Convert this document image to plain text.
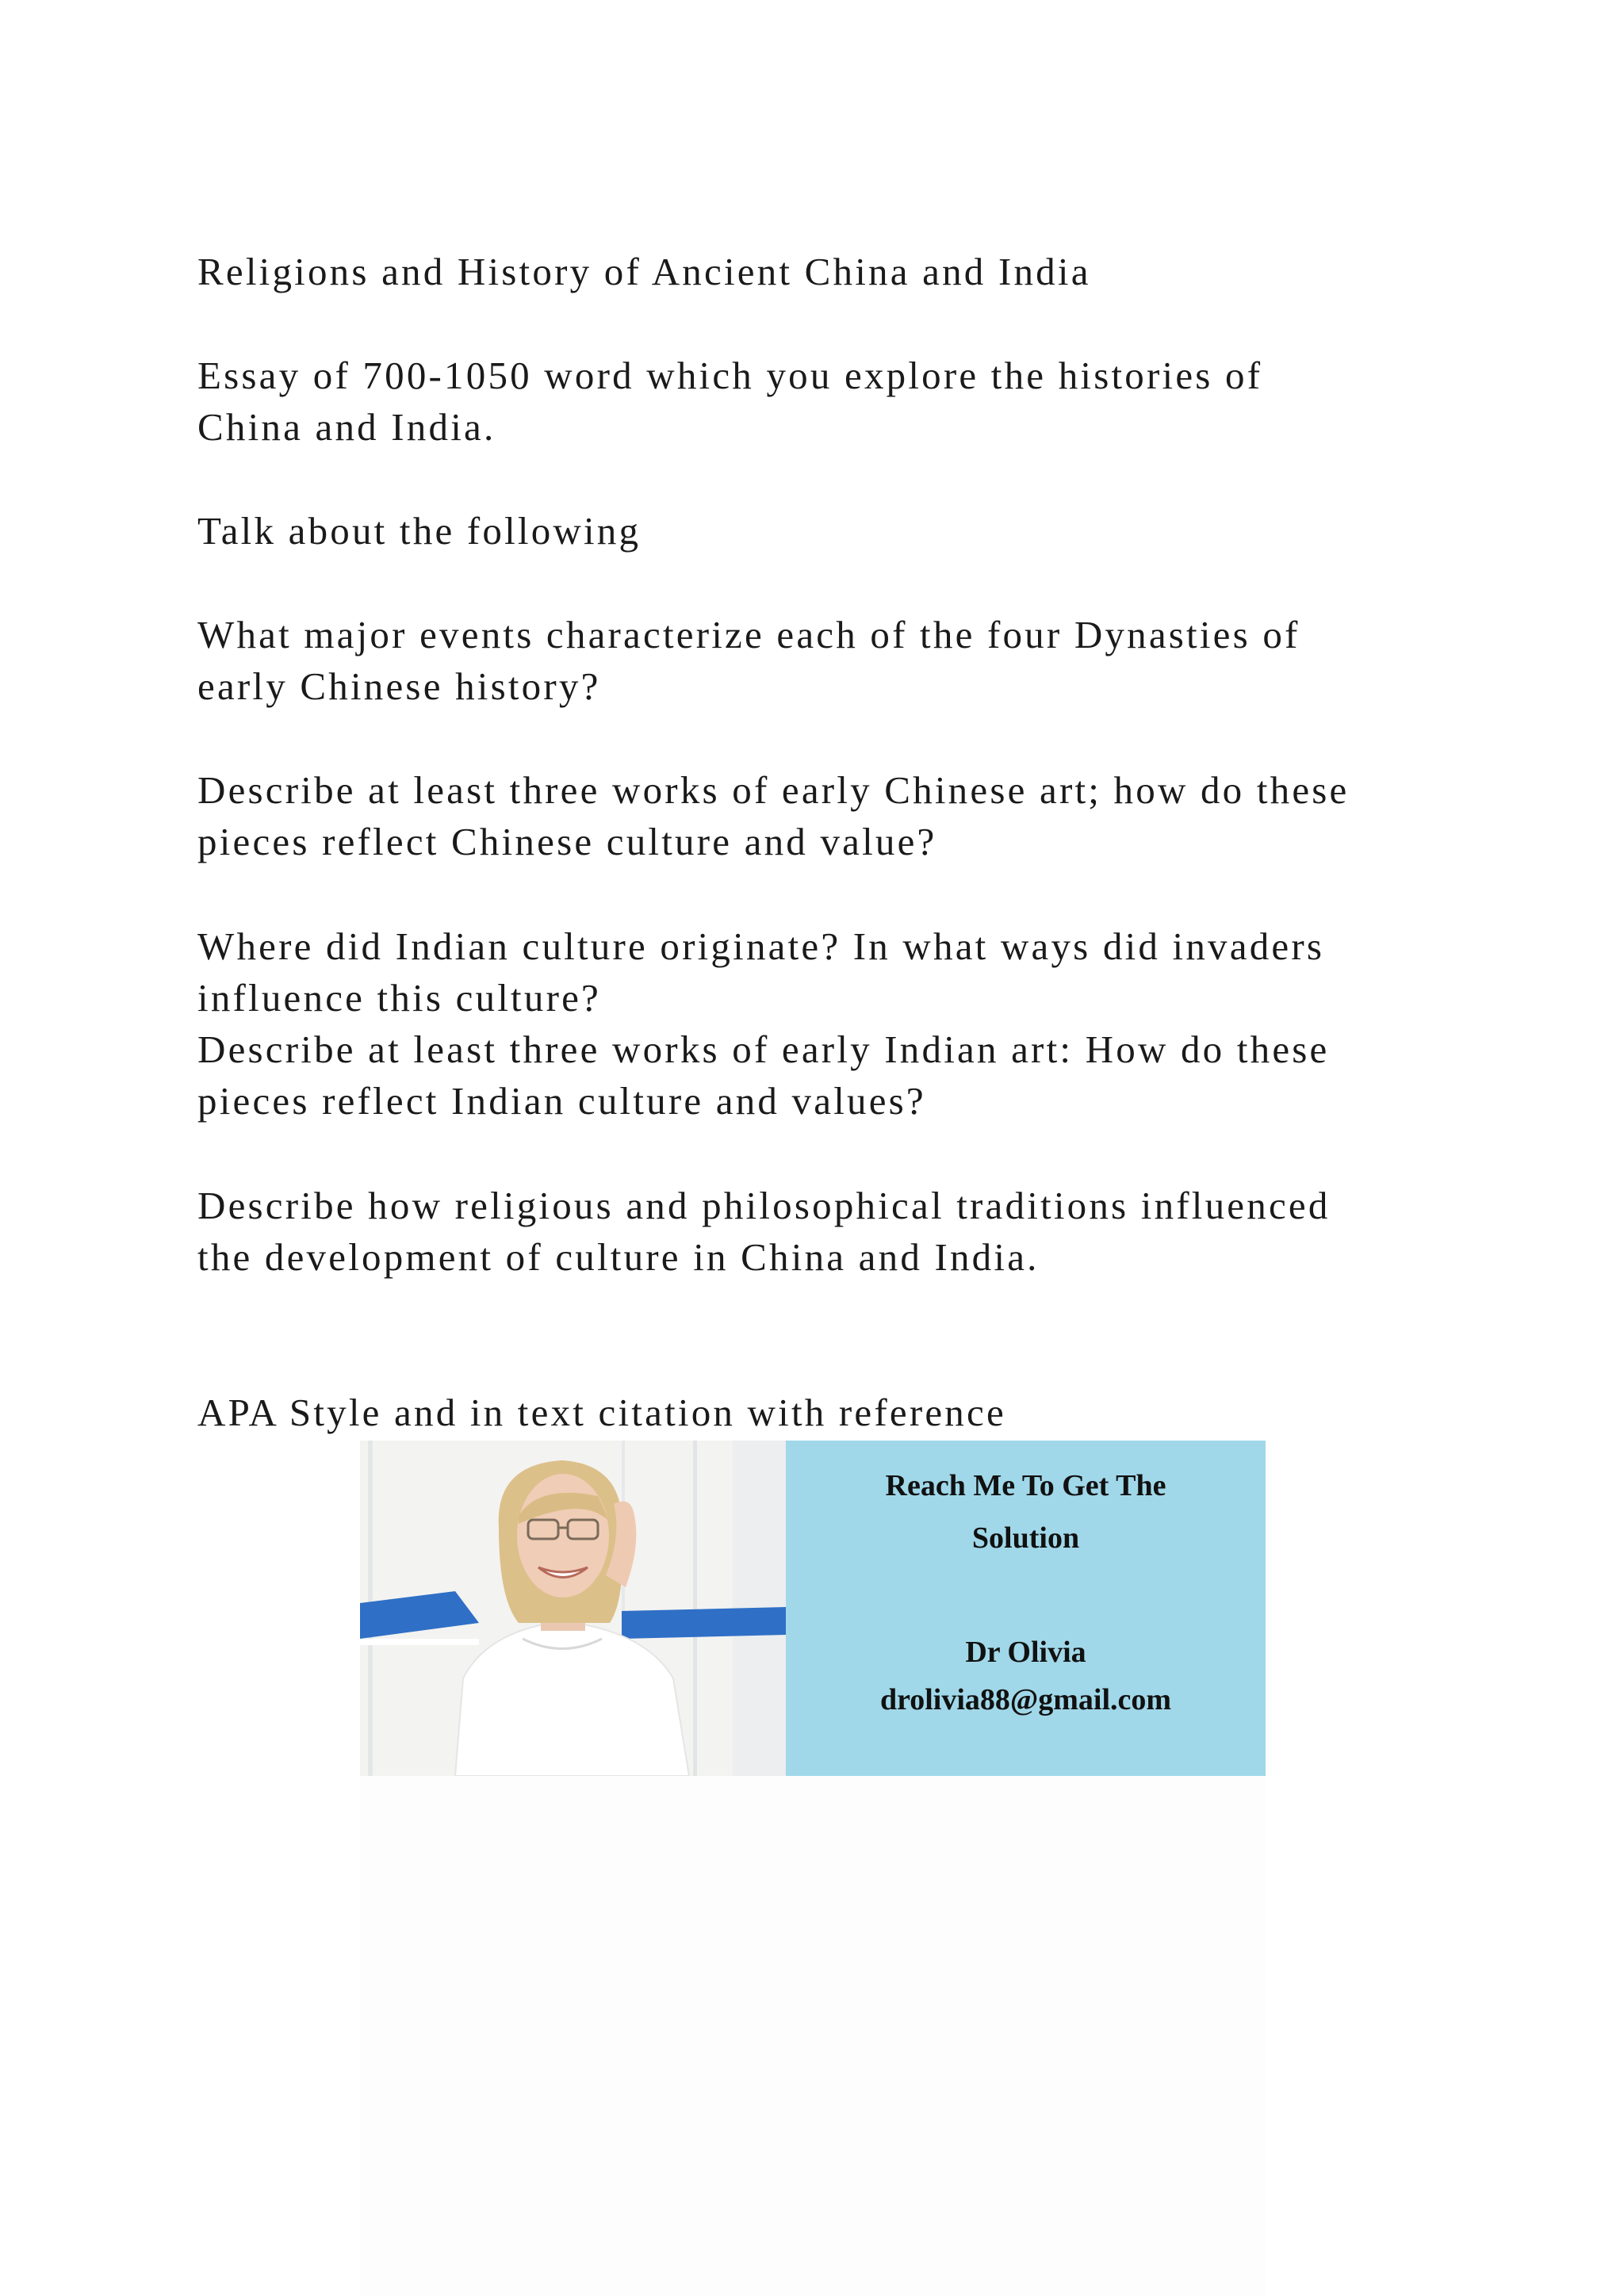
Religions and History of Ancient China and India

Essay of 700-1050 word which you explore the histories of
China and India.

Talk about the following

What major events characterize each of the four Dynasties of
early Chinese history?

Describe at least three works of early Chinese art; how do these
pieces reflect Chinese culture and value?

Where did Indian culture originate? In what ways did invaders
influence this culture?
Describe at least three works of early Indian art: How do these
pieces reflect Indian culture and values?

Describe how religious and philosophical traditions influenced
the development of culture in China and India.

APA Style and in text citation with reference

Reach Me To Get The
Solution
Dr Olivia
drolivia88@gmail.com
